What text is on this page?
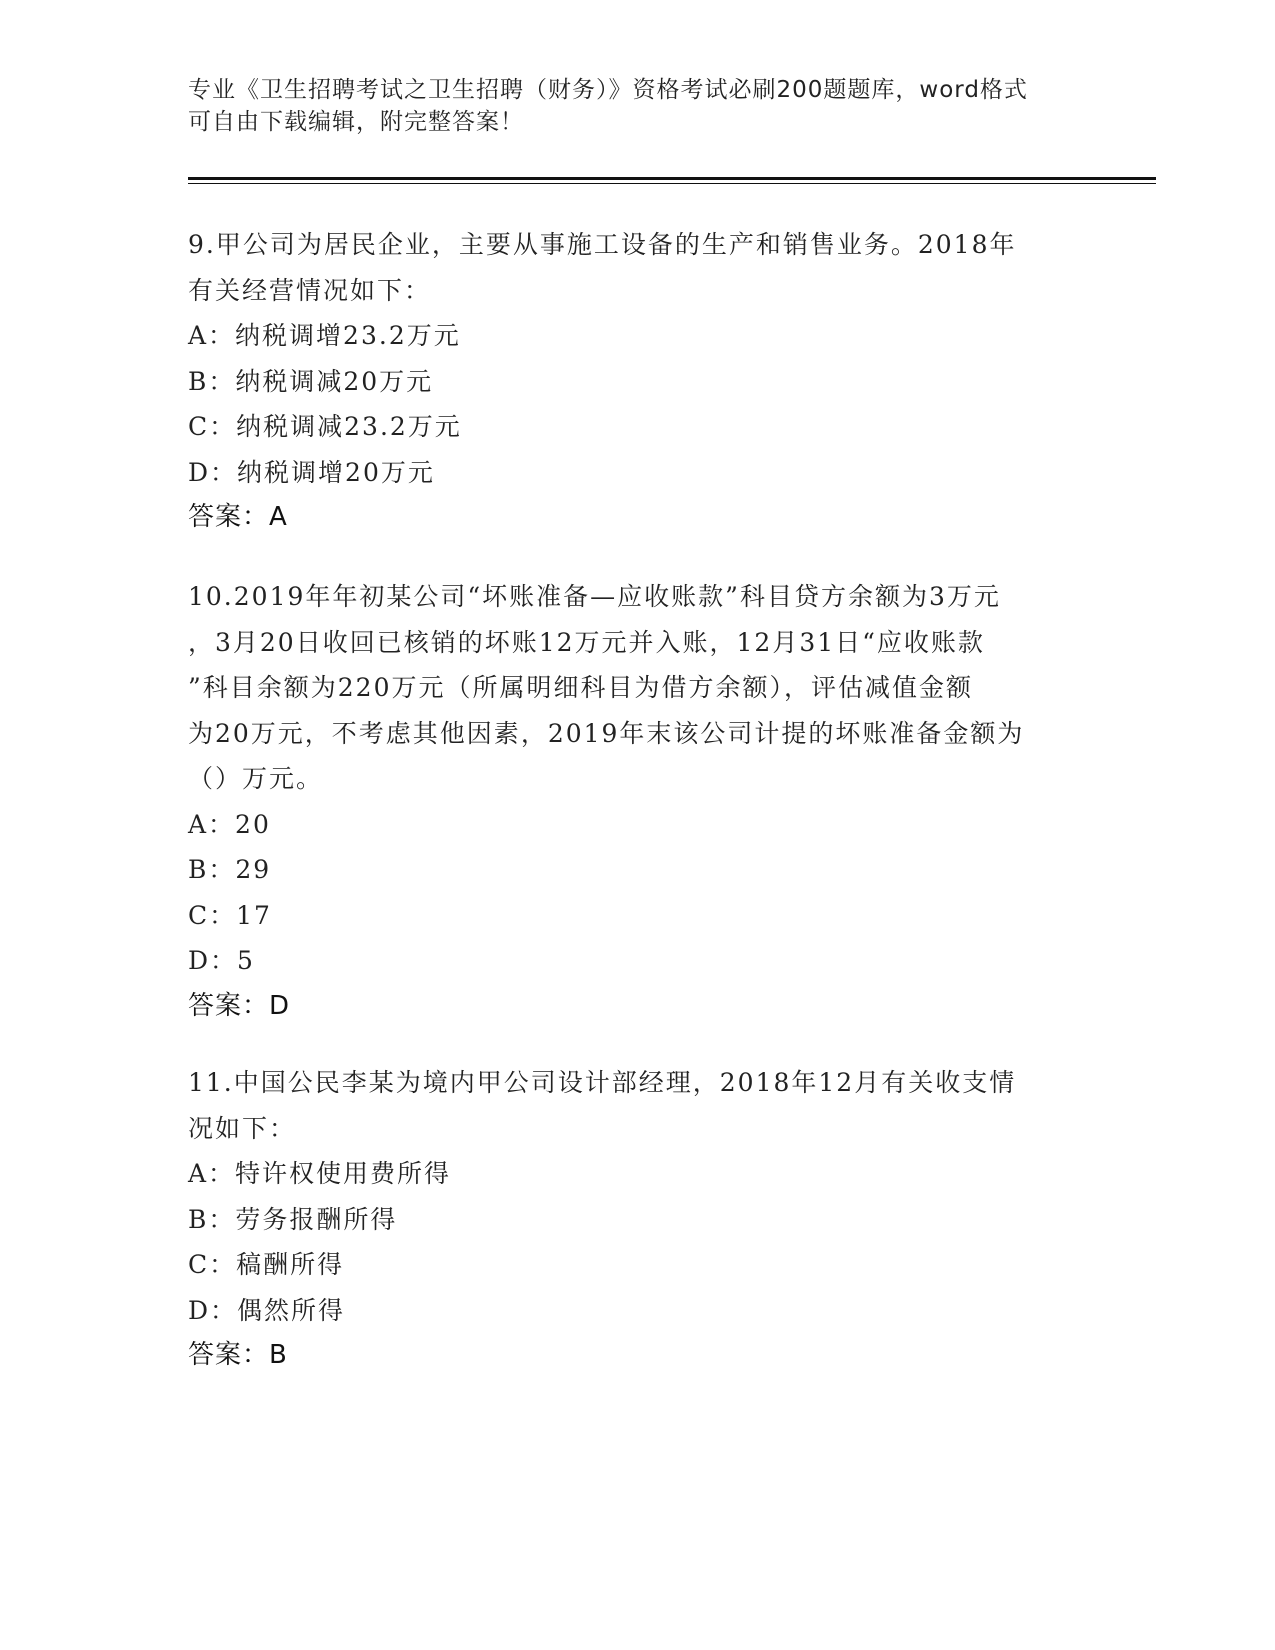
专业《卫生招聘考试之卫生招聘（财务）》资格考试必刷200题题库，word格式
可自由下载编辑，附完整答案！
9.甲公司为居民企业，主要从事施工设备的生产和销售业务。2018年
有关经营情况如下：
A：纳税调增23.2万元
B：纳税调减20万元
C：纳税调减23.2万元
D：纳税调增20万元
答案：A
10.2019年年初某公司“坏账准备—应收账款”科目贷方余额为3万元
，3月20日收回已核销的坏账12万元并入账，12月31日“应收账款
”科目余额为220万元（所属明细科目为借方余额），评估减值金额
为20万元，不考虑其他因素，2019年末该公司计提的坏账准备金额为
（）万元。
A：20
B：29
C：17
D：5
答案：D
11.中国公民李某为境内甲公司设计部经理，2018年12月有关收支情
况如下：
A：特许权使用费所得
B：劳务报酬所得
C：稿酬所得
D：偶然所得
答案：B
